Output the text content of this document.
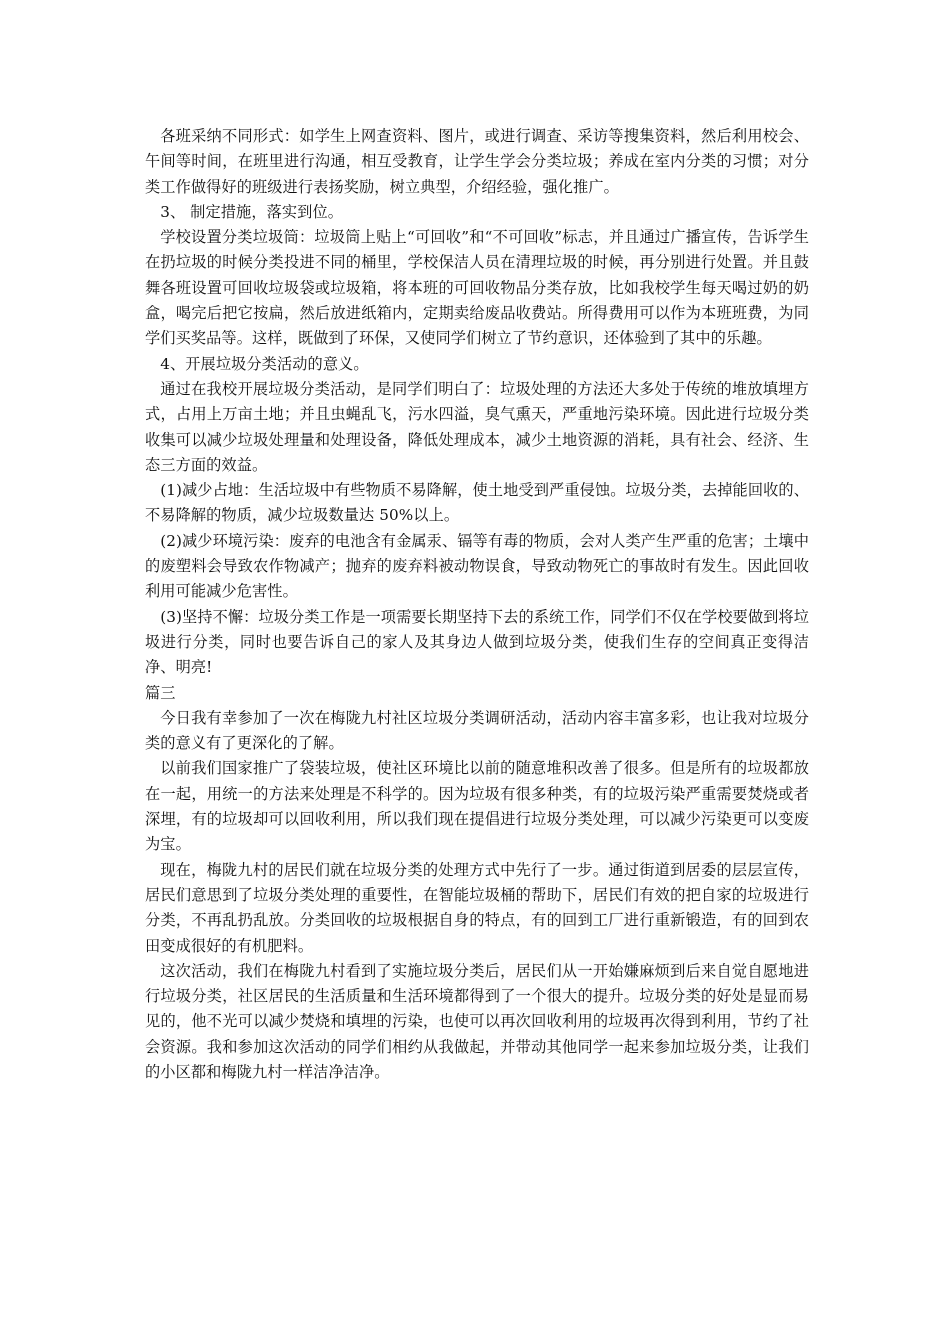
各班采纳不同形式：如学生上网查资料、图片，或进行调查、采访等搜集资料，然后利用校会、午间等时间，在班里进行沟通，相互受教育，让学生学会分类垃圾；养成在室内分类的习惯；对分类工作做得好的班级进行表扬奖励，树立典型，介绍经验，强化推广。

3、 制定措施，落实到位。

学校设置分类垃圾筒：垃圾筒上贴上“可回收”和“不可回收”标志，并且通过广播宣传，告诉学生在扔垃圾的时候分类投进不同的桶里，学校保洁人员在清理垃圾的时候，再分别进行处置。并且鼓舞各班设置可回收垃圾袋或垃圾箱，将本班的可回收物品分类存放，比如我校学生每天喝过奶的奶盒，喝完后把它按扁，然后放进纸箱内，定期卖给废品收费站。所得费用可以作为本班班费，为同学们买奖品等。这样，既做到了环保，又使同学们树立了节约意识，还体验到了其中的乐趣。

4、开展垃圾分类活动的意义。

通过在我校开展垃圾分类活动，是同学们明白了：垃圾处理的方法还大多处于传统的堆放填埋方式，占用上万亩土地；并且虫蝇乱飞，污水四溢，臭气熏天，严重地污染环境。因此进行垃圾分类收集可以减少垃圾处理量和处理设备，降低处理成本，减少土地资源的消耗，具有社会、经济、生态三方面的效益。

(1)减少占地：生活垃圾中有些物质不易降解，使土地受到严重侵蚀。垃圾分类，去掉能回收的、不易降解的物质，减少垃圾数量达 50%以上。

(2)减少环境污染：废弃的电池含有金属汞、镉等有毒的物质，会对人类产生严重的危害；土壤中的废塑料会导致农作物减产；抛弃的废弃料被动物误食，导致动物死亡的事故时有发生。因此回收利用可能减少危害性。

(3)坚持不懈：垃圾分类工作是一项需要长期坚持下去的系统工作，同学们不仅在学校要做到将垃圾进行分类，同时也要告诉自己的家人及其身边人做到垃圾分类，使我们生存的空间真正变得洁净、明亮!

篇三

今日我有幸参加了一次在梅陇九村社区垃圾分类调研活动，活动内容丰富多彩，也让我对垃圾分类的意义有了更深化的了解。

以前我们国家推广了袋装垃圾，使社区环境比以前的随意堆积改善了很多。但是所有的垃圾都放在一起，用统一的方法来处理是不科学的。因为垃圾有很多种类，有的垃圾污染严重需要焚烧或者深埋，有的垃圾却可以回收利用，所以我们现在提倡进行垃圾分类处理，可以减少污染更可以变废为宝。

现在，梅陇九村的居民们就在垃圾分类的处理方式中先行了一步。通过街道到居委的层层宣传，居民们意思到了垃圾分类处理的重要性，在智能垃圾桶的帮助下，居民们有效的把自家的垃圾进行分类，不再乱扔乱放。分类回收的垃圾根据自身的特点，有的回到工厂进行重新锻造，有的回到农田变成很好的有机肥料。

这次活动，我们在梅陇九村看到了实施垃圾分类后，居民们从一开始嫌麻烦到后来自觉自愿地进行垃圾分类，社区居民的生活质量和生活环境都得到了一个很大的提升。垃圾分类的好处是显而易见的，他不光可以减少焚烧和填埋的污染，也使可以再次回收利用的垃圾再次得到利用，节约了社会资源。我和参加这次活动的同学们相约从我做起，并带动其他同学一起来参加垃圾分类，让我们的小区都和梅陇九村一样洁净洁净。
